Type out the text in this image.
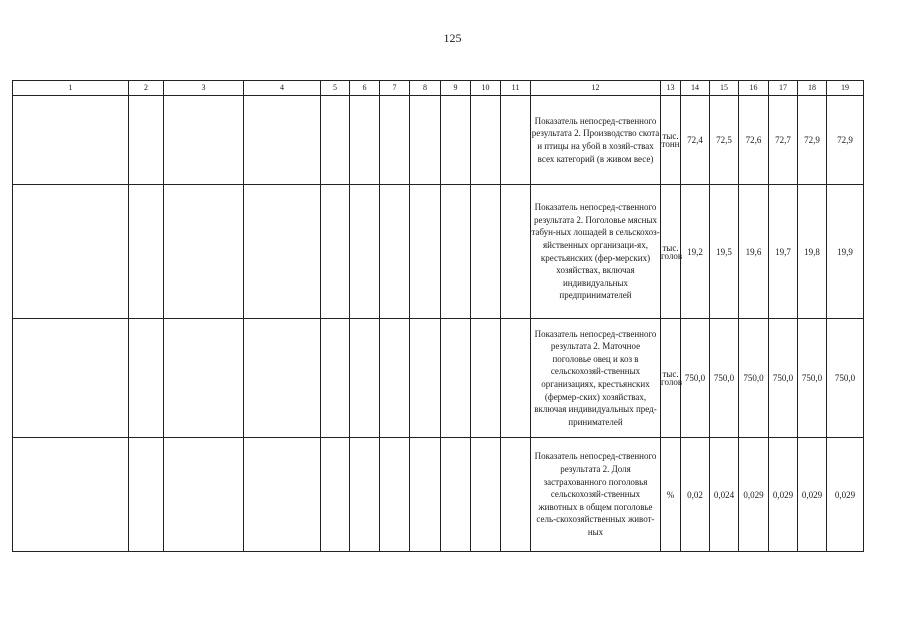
125
1	2	3	4	5	6	7	8	9	10	11	12	13	14	15	16	17	18	19
											Показатель непосред-ственного результата 2. Производство скота и птицы на убой в хозяй-ствах всех категорий (в живом весе)	тыс. тонн	72,4	72,5	72,6	72,7	72,9	72,9
											Показатель непосред-ственного результата 2. Поголовье мясных табун-ных лошадей в сельскохоз-яйственных организаци-ях, крестьянских (фер-мерских) хозяйствах, включая индивидуальных предпринимателей	тыс. голов	19,2	19,5	19,6	19,7	19,8	19,9
											Показатель непосред-ственного результата 2. Маточное поголовье овец и коз в сельскохозяй-ственных организациях, крестьянских (фермер-ских) хозяйствах, включая индивидуальных пред-принимателей	тыс. голов	750,0	750,0	750,0	750,0	750,0	750,0
											Показатель непосред-ственного результата 2. Доля застрахованного поголовья сельскохозяй-ственных животных в общем поголовье сель-скохозяйственных живот-ных	%	0,02	0,024	0,029	0,029	0,029	0,029
